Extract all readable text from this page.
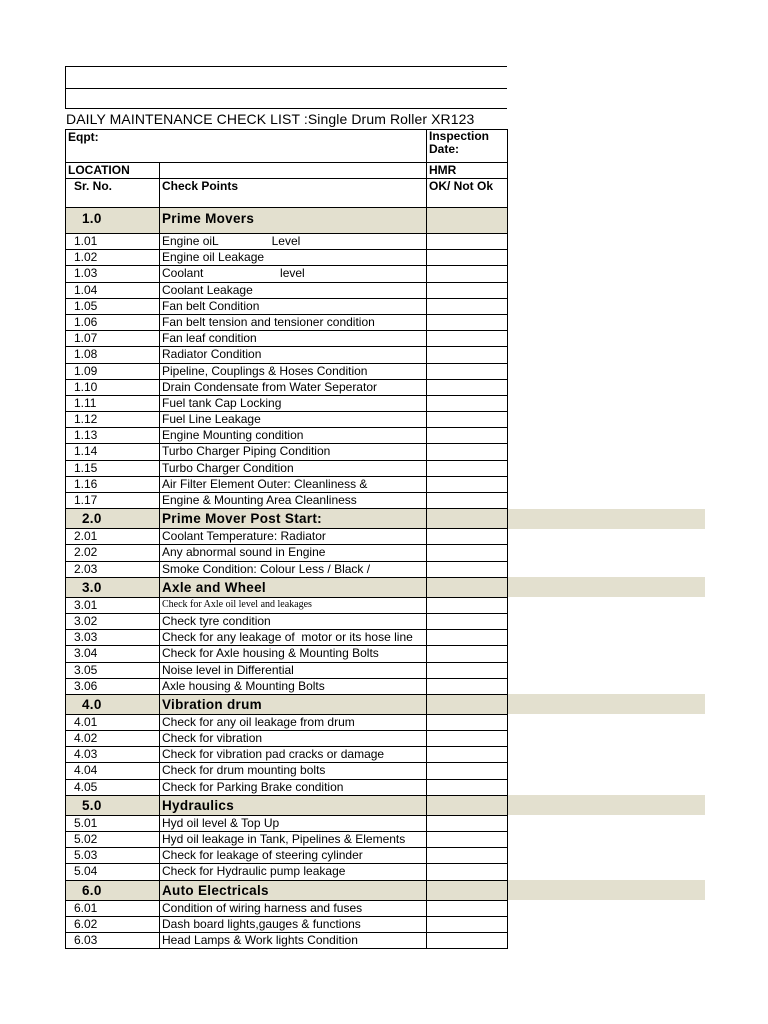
DAILY MAINTENANCE CHECK LIST :Single Drum Roller XR123
Eqpt:		Inspection
Date:	
LOCATION		HMR	
Sr. No.	Check Points	OK/ Not Ok	
1.0	Prime Movers		
1.01	Engine oiL                Level		
1.02	Engine oil Leakage		
1.03	Coolant                       level		
1.04	Coolant Leakage		
1.05	Fan belt Condition		
1.06	Fan belt tension and tensioner condition		
1.07	Fan leaf condition		
1.08	Radiator Condition		
1.09	Pipeline, Couplings & Hoses Condition		
1.10	Drain Condensate from Water Seperator		
1.11	Fuel tank Cap Locking		
1.12	Fuel Line Leakage		
1.13	Engine Mounting condition		
1.14	Turbo Charger Piping Condition		
1.15	Turbo Charger Condition		
1.16	Air Filter Element Outer: Cleanliness &		
1.17	Engine & Mounting Area Cleanliness		
2.0	Prime Mover Post Start:		
2.01	Coolant Temperature: Radiator		
2.02	Any abnormal sound in Engine		
2.03	Smoke Condition: Colour Less / Black /		
3.0	Axle and Wheel		
3.01	Check for Axle oil level and leakages		
3.02	Check tyre condition		
3.03	Check for any leakage of  motor or its hose line		
3.04	Check for Axle housing & Mounting Bolts		
3.05	Noise level in Differential		
3.06	Axle housing & Mounting Bolts		
4.0	Vibration drum		
4.01	Check for any oil leakage from drum		
4.02	Check for vibration		
4.03	Check for vibration pad cracks or damage		
4.04	Check for drum mounting bolts		
4.05	Check for Parking Brake condition		
5.0	Hydraulics		
5.01	Hyd oil level & Top Up		
5.02	Hyd oil leakage in Tank, Pipelines & Elements		
5.03	Check for leakage of steering cylinder		
5.04	Check for Hydraulic pump leakage		
6.0	Auto Electricals		
6.01	Condition of wiring harness and fuses		
6.02	Dash board lights,gauges & functions		
6.03	Head Lamps & Work lights Condition		
